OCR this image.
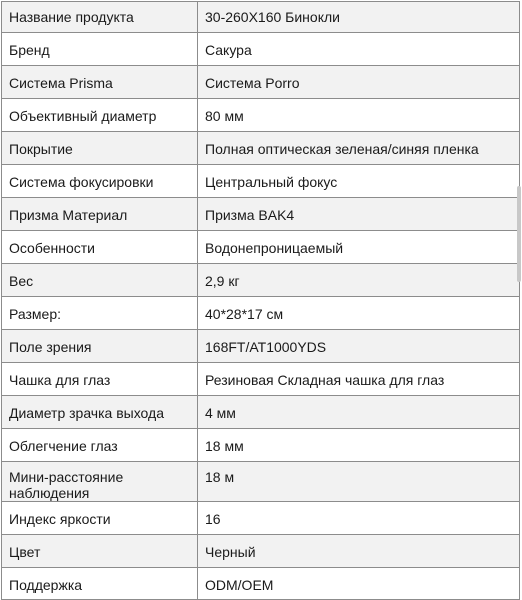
Название продукта	30-260X160 Бинокли
Бренд	Сакура
Система Prisma	Система Porro
Объективный диаметр	80 мм
Покрытие	Полная оптическая зеленая/синяя пленка
Система фокусировки	Центральный фокус
Призма Материал	Призма BAK4
Особенности	Водонепроницаемый
Вес	2,9 кг
Размер:	40*28*17 см
Поле зрения	168FT/AT1000YDS
Чашка для глаз	Резиновая Складная чашка для глаз
Диаметр зрачка выхода	4 мм
Облегчение глаз	18 мм
Мини-расстояние наблюдения	18 м
Индекс яркости	16
Цвет	Черный
Поддержка	ODM/OEM
